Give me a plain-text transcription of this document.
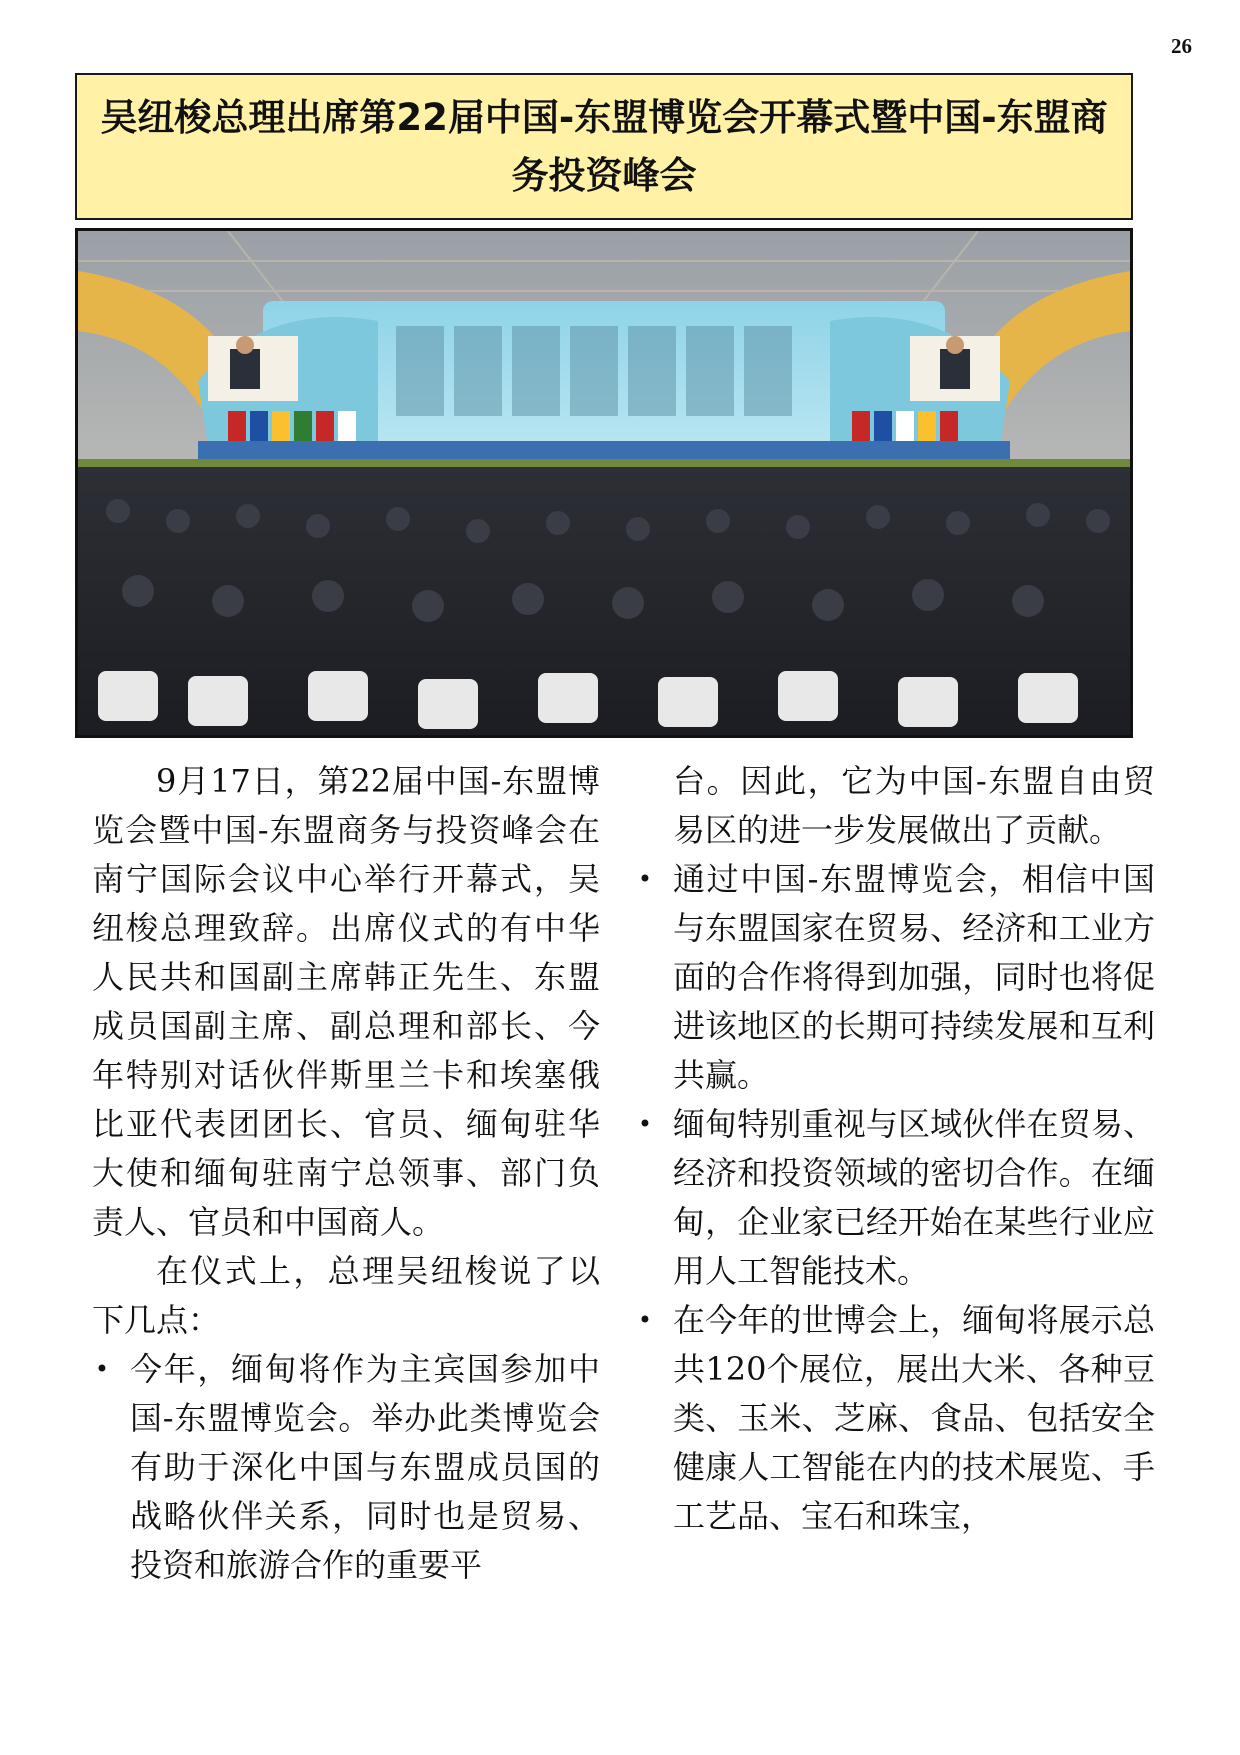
26
吴纽梭总理出席第22届中国-东盟博览会开幕式暨中国-东盟商务投资峰会

9月17日，第22届中国-东盟博览会暨中国-东盟商务与投资峰会在南宁国际会议中心举行开幕式，吴纽梭总理致辞。出席仪式的有中华人民共和国副主席韩正先生、东盟成员国副主席、副总理和部长、今年特别对话伙伴斯里兰卡和埃塞俄比亚代表团团长、官员、缅甸驻华大使和缅甸驻南宁总领事、部门负责人、官员和中国商人。

在仪式上，总理吴纽梭说了以下几点：

• 今年，缅甸将作为主宾国参加中国-东盟博览会。举办此类博览会有助于深化中国与东盟成员国的战略伙伴关系，同时也是贸易、投资和旅游合作的重要平
台。因此，它为中国-东盟自由贸易区的进一步发展做出了贡献。
• 通过中国-东盟博览会，相信中国与东盟国家在贸易、经济和工业方面的合作将得到加强，同时也将促进该地区的长期可持续发展和互利共赢。
• 缅甸特别重视与区域伙伴在贸易、经济和投资领域的密切合作。在缅甸，企业家已经开始在某些行业应用人工智能技术。
• 在今年的世博会上，缅甸将展示总共120个展位，展出大米、各种豆类、玉米、芝麻、食品、包括安全健康人工智能在内的技术展览、手工艺品、宝石和珠宝，
